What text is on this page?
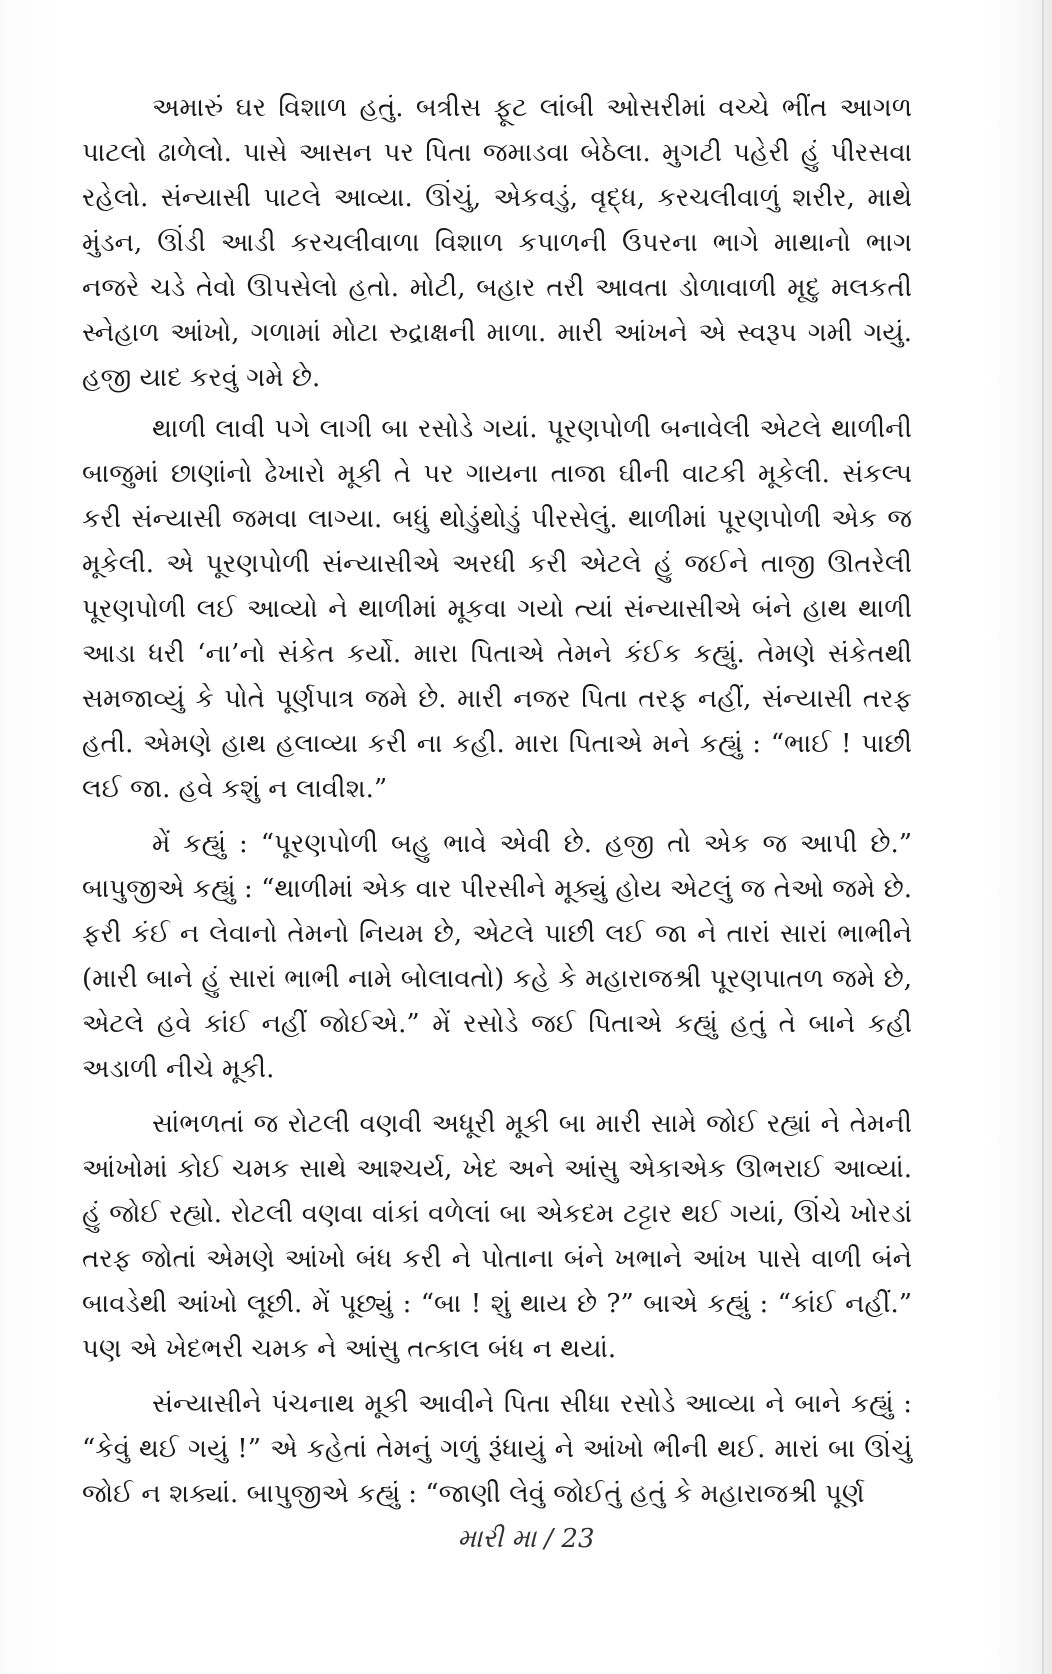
અમારું ઘર વિશાળ હતું. બત્રીસ ફૂટ લાંબી ઓસરીમાં વચ્ચે ભીંત આગળ પાટલો ઢાળેલો. પાસે આસન પર પિતા જમાડવા બેઠેલા. મુગટી પહેરી હું પીરસવા રહેલો. સંન્યાસી પાટલે આવ્યા. ઊંચું, એકવડું, વૃદ્ધ, કરચલીવાળું શરીર, માથે મુંડન, ઊંડી આડી કરચલીવાળા વિશાળ કપાળની ઉપરના ભાગે માથાનો ભાગ નજરે ચડે તેવો ઊપસેલો હતો. મોટી, બહાર તરી આવતા ડોળાવાળી મૃદુ મલકતી સ્નેહાળ આંખો, ગળામાં મોટા રુદ્રાક્ષની માળા. મારી આંખને એ સ્વરૂપ ગમી ગયું. હજી યાદ કરવું ગમે છે.

થાળી લાવી પગે લાગી બા રસોડે ગયાં. પૂરણપોળી બનાવેલી એટલે થાળીની બાજુમાં છાણાંનો ઢેખારો મૂકી તે પર ગાયના તાજા ઘીની વાટકી મૂકેલી. સંકલ્પ કરી સંન્યાસી જમવા લાગ્યા. બધું થોડુંથોડું પીરસેલું. થાળીમાં પૂરણપોળી એક જ મૂકેલી. એ પૂરણપોળી સંન્યાસીએ અરધી કરી એટલે હું જઈને તાજી ઊતરેલી પૂરણપોળી લઈ આવ્યો ને થાળીમાં મૂકવા ગયો ત્યાં સંન્યાસીએ બંને હાથ થાળી આડા ધરી ‘ના’નો સંકેત કર્યો. મારા પિતાએ તેમને કંઈક કહ્યું. તેમણે સંકેતથી સમજાવ્યું કે પોતે પૂર્ણપાત્ર જમે છે. મારી નજર પિતા તરફ નહીં, સંન્યાસી તરફ હતી. એમણે હાથ હલાવ્યા કરી ના કહી. મારા પિતાએ મને કહ્યું : “ભાઈ ! પાછી લઈ જા. હવે કશું ન લાવીશ.”

મેં કહ્યું : “પૂરણપોળી બહુ ભાવે એવી છે. હજી તો એક જ આપી છે.” બાપુજીએ કહ્યું : “થાળીમાં એક વાર પીરસીને મૂક્યું હોય એટલું જ તેઓ જમે છે. ફરી કંઈ ન લેવાનો તેમનો નિયમ છે, એટલે પાછી લઈ જા ને તારાં સારાં ભાભીને (મારી બાને હું સારાં ભાભી નામે બોલાવતો) કહે કે મહારાજશ્રી પૂરણપાતળ જમે છે, એટલે હવે કાંઈ નહીં જોઈએ.” મેં રસોડે જઈ પિતાએ કહ્યું હતું તે બાને કહી અડાળી નીચે મૂકી.

સાંભળતાં જ રોટલી વણવી અધૂરી મૂકી બા મારી સામે જોઈ રહ્યાં ને તેમની આંખોમાં કોઈ ચમક સાથે આશ્ચર્ય, ખેદ અને આંસુ એકાએક ઊભરાઈ આવ્યાં. હું જોઈ રહ્યો. રોટલી વણવા વાંકાં વળેલાં બા એકદમ ટટ્ટાર થઈ ગયાં, ઊંચે ખોરડાં તરફ જોતાં એમણે આંખો બંધ કરી ને પોતાના બંને ખભાને આંખ પાસે વાળી બંને બાવડેથી આંખો લૂછી. મેં પૂછ્યું : “બા ! શું થાય છે ?” બાએ કહ્યું : “કાંઈ નહીં.” પણ એ ખેદભરી ચમક ને આંસુ તત્કાલ બંધ ન થયાં.

સંન્યાસીને પંચનાથ મૂકી આવીને પિતા સીધા રસોડે આવ્યા ને બાને કહ્યું : “કેવું થઈ ગયું !” એ કહેતાં તેમનું ગળું રૂંધાયું ને આંખો ભીની થઈ. મારાં બા ઊંચું જોઈ ન શક્યાં. બાપુજીએ કહ્યું : “જાણી લેવું જોઈતું હતું કે મહારાજશ્રી પૂર્ણ

મારી મા / 23
